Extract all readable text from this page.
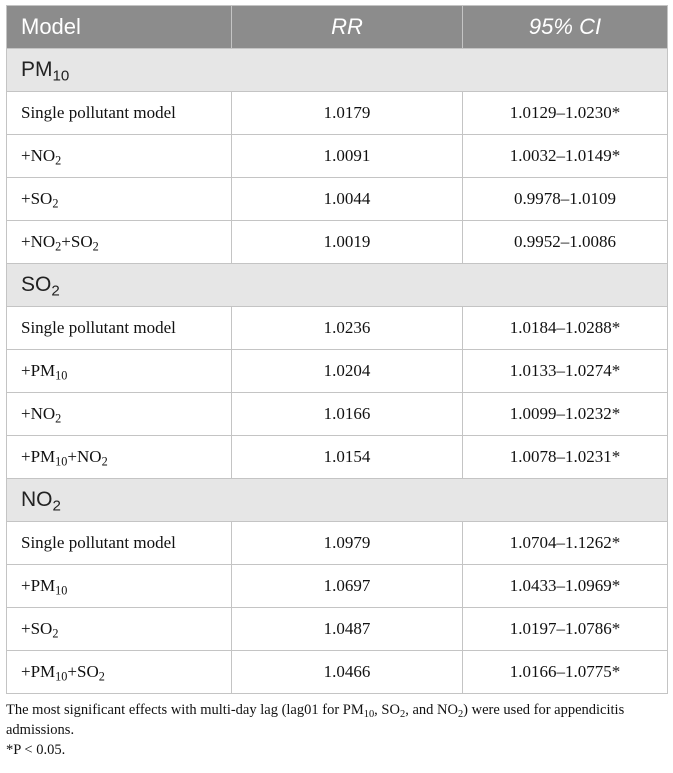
Model	RR	95% CI
$PM_{10}$
Single pollutant model	1.0179	1.0129–1.0230*
$+NO_2$	1.0091	1.0032–1.0149*
$+SO_2$	1.0044	0.9978–1.0109
$+NO_2+SO_2$	1.0019	0.9952–1.0086
$SO_2$
Single pollutant model	1.0236	1.0184–1.0288*
$+PM_{10}$	1.0204	1.0133–1.0274*
$+NO_2$	1.0166	1.0099–1.0232*
$+PM_{10}+NO_2$	1.0154	1.0078–1.0231*
$NO_2$
Single pollutant model	1.0979	1.0704–1.1262*
$+PM_{10}$	1.0697	1.0433–1.0969*
$+SO_2$	1.0487	1.0197–1.0786*
$+PM_{10}+SO_2$	1.0466	1.0166–1.0775*

The most significant effects with multi-day lag (lag01 for $PM_{10}$, $SO_2$, and $NO_2$) were used for appendicitis admissions.

*P < 0.05.
